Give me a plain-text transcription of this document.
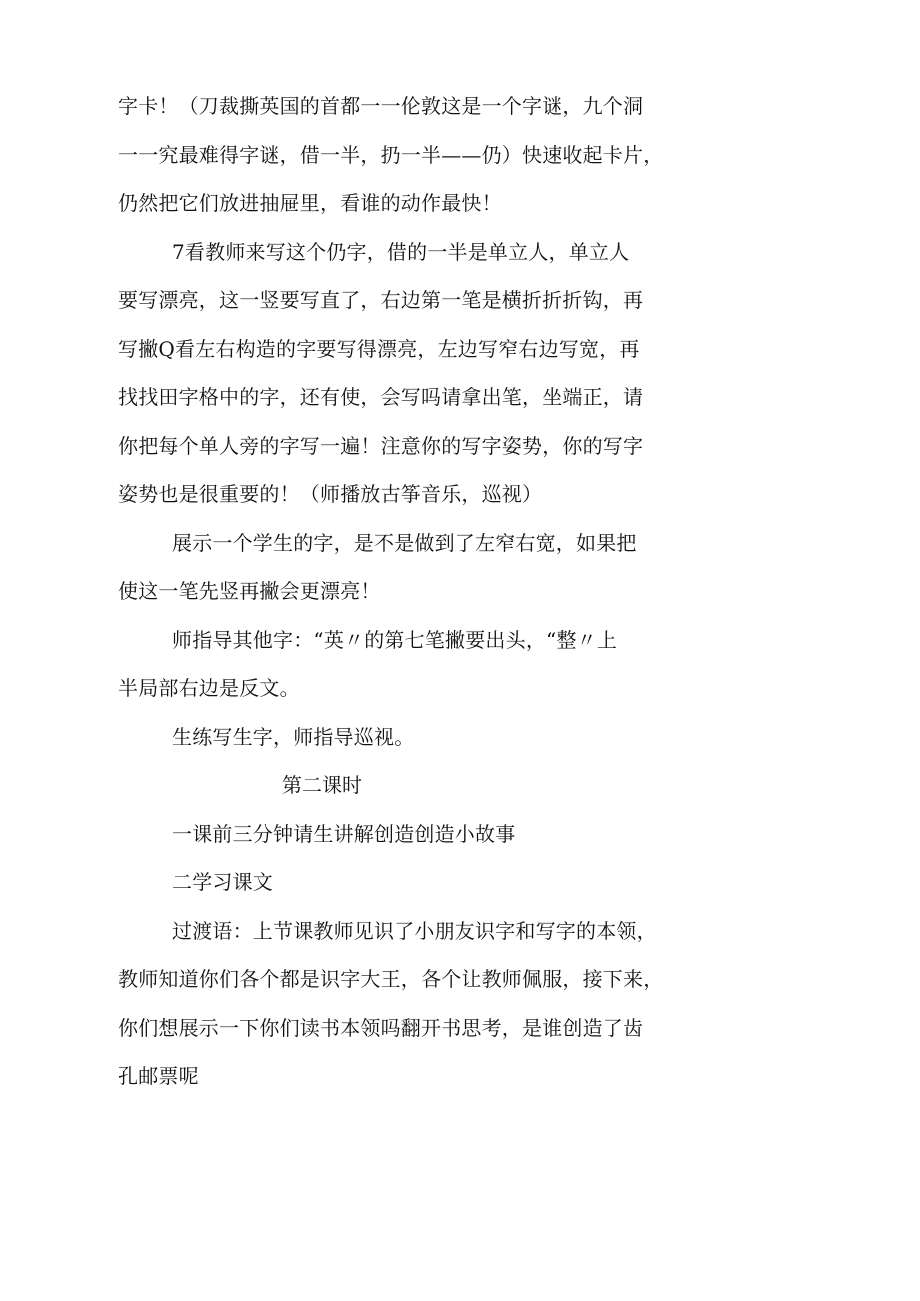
字卡！（刀裁撕英国的首都一一伦敦这是一个字谜，九个洞
一一究最难得字谜，借一半，扔一半——仍）快速收起卡片，
仍然把它们放进抽屉里，看谁的动作最快！

7看教师来写这个仍字，借的一半是单立人，单立人
要写漂亮，这一竖要写直了，右边第一笔是横折折折钩，再
写撇Q看左右构造的字要写得漂亮，左边写窄右边写宽，再
找找田字格中的字，还有使，会写吗请拿出笔，坐端正，请
你把每个单人旁的字写一遍！注意你的写字姿势，你的写字
姿势也是很重要的！（师播放古筝音乐，巡视）

展示一个学生的字，是不是做到了左窄右宽，如果把
使这一笔先竖再撇会更漂亮！

师指导其他字：“英〃的第七笔撇要出头，“整〃上
半局部右边是反文。

生练写生字，师指导巡视。

第二课时

一课前三分钟请生讲解创造创造小故事

二学习课文

过渡语：上节课教师见识了小朋友识字和写字的本领，
教师知道你们各个都是识字大王，各个让教师佩服，接下来，
你们想展示一下你们读书本领吗翻开书思考，是谁创造了齿
孔邮票呢
